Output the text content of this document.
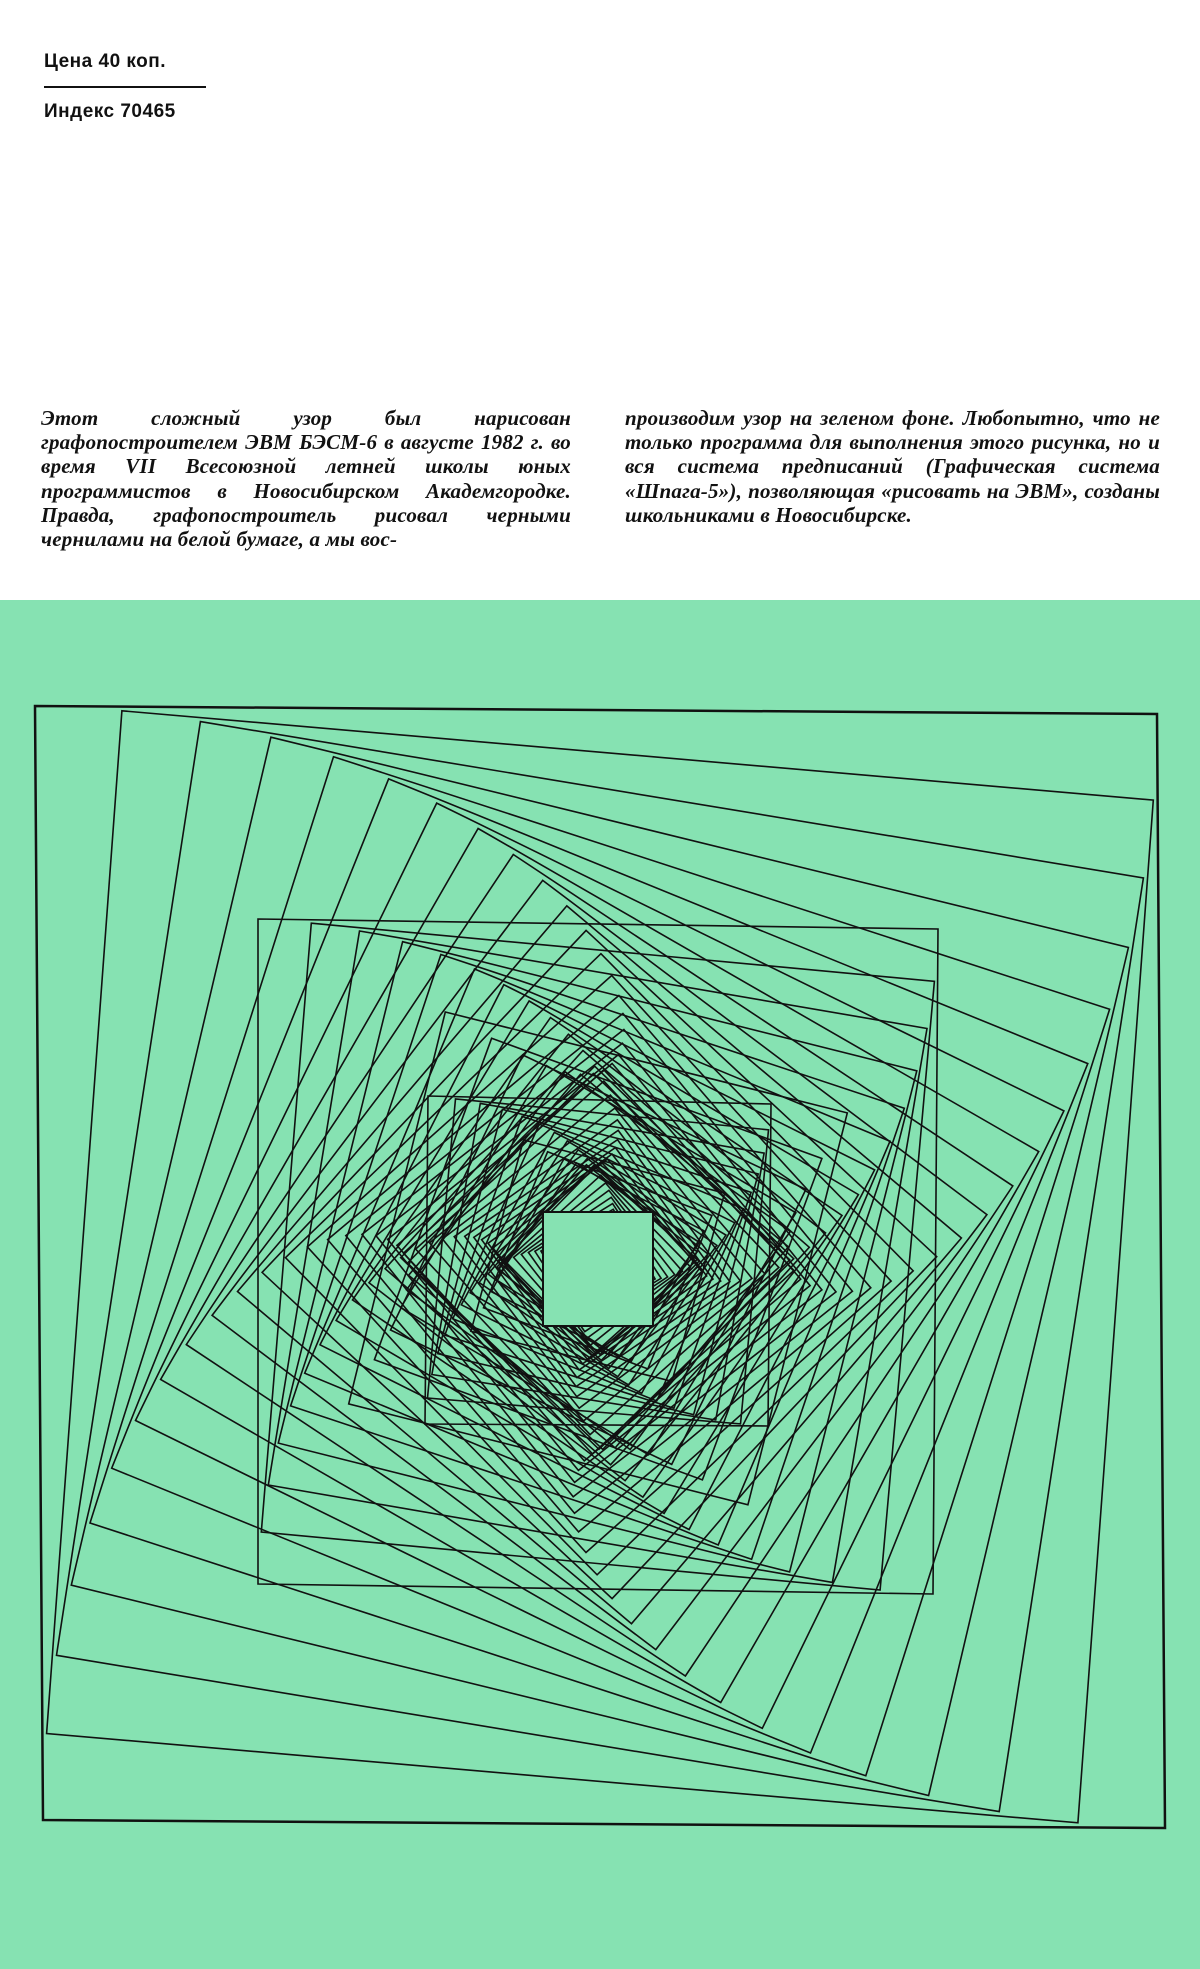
Цена 40 коп.
Индекс 70465

Этот сложный узор был нарисован графопостроителем ЭВМ БЭСМ-6 в августе 1982 г. во время VII Всесоюзной летней школы юных программистов в Новосибирском Академгородке. Правда, графопостроитель рисовал черными чернилами на белой бумаге, а мы вос-

производим узор на зеленом фоне. Любопытно, что не только программа для выполнения этого рисунка, но и вся система предписаний (Графическая система «Шпага-5»), позволяющая «рисовать на ЭВМ», созданы школьниками в Новосибирске.
